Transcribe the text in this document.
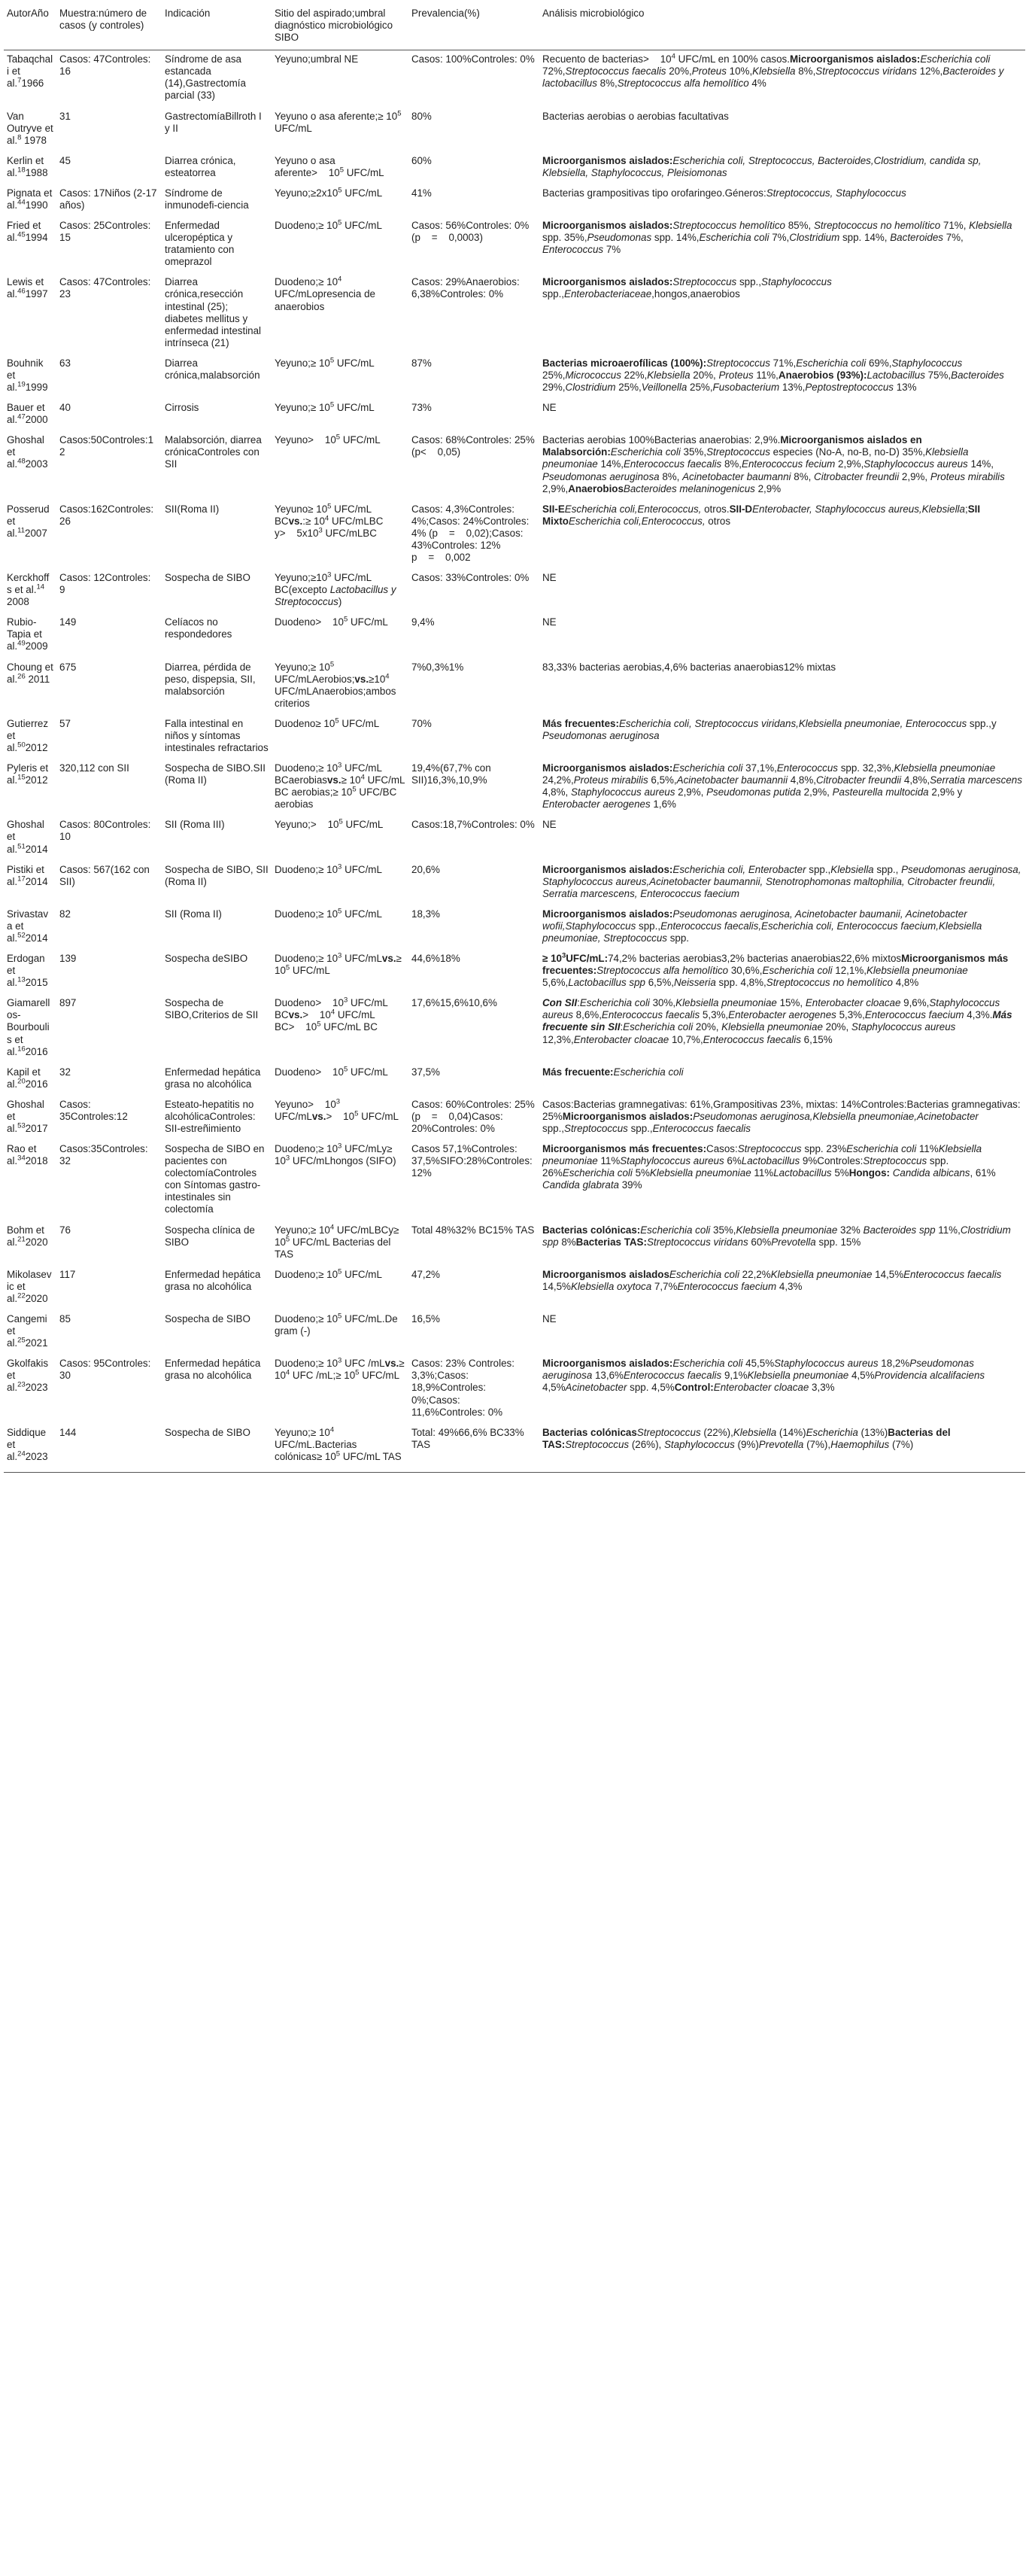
AutorAño	Muestra:número de casos (y controles)	Indicación	Sitio del aspirado;umbral diagnóstico microbiológico SIBO	Prevalencia(%)	Análisis microbiológico
Tabaqchali et al.$^7$1966	Casos: 47Controles: 16	Síndrome de asa estancada (14),Gastrectomía parcial (33)	Yeyuno;umbral NE	Casos: 100%Controles: 0%	Recuento de bacterias>    $10^4$ UFC/mL en 100% casos.Microorganismos aislados:Escherichia coli 72%,Streptococcus faecalis 20%,Proteus 10%,Klebsiella 8%,Streptococcus viridans 12%,Bacteroides y lactobacillus 8%,Streptococcus alfa hemolítico 4%
Van Outryve et al.$^8$ 1978	31	GastrectomíaBillroth I y II	Yeyuno o asa aferente;≥ $10^5$ UFC/mL	80%	Bacterias aerobias o aerobias facultativas
Kerlin et al.$^{18}$1988	45	Diarrea crónica, esteatorrea	Yeyuno o asa aferente>    $10^5$ UFC/mL	60%	Microorganismos aislados:Escherichia coli, Streptococcus, Bacteroides,Clostridium, candida sp, Klebsiella, Staphylococcus, Pleisiomonas
Pignata et al.$^{44}$1990	Casos: 17Niños (2-17 años)	Síndrome de inmunodefi-ciencia	$Yeyuno;\ge 2x10^5$ UFC/mL	41%	Bacterias grampositivas tipo orofaringeo.Géneros:Streptococcus, Staphylococcus
Fried et al.$^{45}$1994	Casos: 25Controles: 15	Enfermedad ulceropéptica y tratamiento con omeprazol	Duodeno;≥ $10^5$ UFC/mL	Casos: 56%Controles: 0%(p    =    0,0003)	Microorganismos aislados:Streptococcus hemolítico 85%, Streptococcus no hemolítico 71%, Klebsiella spp. 35%,Pseudomonas spp. 14%,Escherichia coli 7%,Clostridium spp. 14%, Bacteroides 7%, Enterococcus 7%
Lewis et al.$^{46}$1997	Casos: 47Controles: 23	Diarrea crónica,resección intestinal (25); diabetes mellitus y enfermedad intestinal intrínseca (21)	Duodeno;≥ $10^4$ UFC/mLopresencia de anaerobios	Casos: 29%Anaerobios: 6,38%Controles: 0%	Microorganismos aislados:Streptococcus spp.,Staphylococcus spp.,Enterobacteriaceae,hongos,anaerobios
Bouhnik et al.$^{19}$1999	63	Diarrea crónica,malabsorción	Yeyuno;≥ $10^5$ UFC/mL	87%	Bacterias microaerofílicas (100%):Streptococcus 71%,Escherichia coli 69%,Staphylococcus 25%,Micrococcus 22%,Klebsiella 20%, Proteus 11%,Anaerobios (93%):Lactobacillus 75%,Bacteroides 29%,Clostridium 25%,Veillonella 25%,Fusobacterium 13%,Peptostreptococcus 13%
Bauer et al.$^{47}$2000	40	Cirrosis	Yeyuno;≥ $10^5$ UFC/mL	73%	NE
Ghoshal et al.$^{48}$2003	Casos:50Controles:12	Malabsorción, diarrea crónicaControles con SII	Yeyuno>    $10^5$ UFC/mL	Casos: 68%Controles: 25%(p<    0,05)	Bacterias aerobias 100%Bacterias anaerobias: 2,9%.Microorganismos aislados en Malabsorción:Escherichia coli 35%,Streptococcus especies (No-A, no-B, no-D) 35%,Klebsiella pneumoniae 14%,Enterococcus faecalis 8%,Enterococcus fecium 2,9%,Staphylococcus aureus 14%, Pseudomonas aeruginosa 8%, Acinetobacter baumanni 8%, Citrobacter freundii 2,9%, Proteus mirabilis 2,9%,AnaerobiosBacteroides melaninogenicus 2,9%
Posserud et al.$^{11}$2007	Casos:162Controles: 26	SII(Roma II)	Yeyuno≥ $10^5$ UFC/mL BCvs.:≥ $10^4$ UFC/mLBC y>    $5x10^3$ UFC/mLBC	Casos: 4,3%Controles: 4%;Casos: 24%Controles: 4% (p    =    0,02);Casos: 43%Controles: 12% p    =    0,002	SII-EEscherichia coli,Enterococcus, otros.SII-DEnterobacter, Staphylococcus aureus,Klebsiella;SII MixtoEscherichia coli,Enterococcus, otros
Kerckhoffs et al.$^{14}$ 2008	Casos: 12Controles: 9	Sospecha de SIBO	$Yeyuno;\ge 10^3$ UFC/mL BC(excepto Lactobacillus y Streptococcus)	Casos: 33%Controles: 0%	NE
Rubio-Tapia et al.$^{49}$2009	149	Celíacos no respondedores	Duodeno>    $10^5$ UFC/mL	9,4%	NE
Choung et al.$^{26}$ 2011	675	Diarrea, pérdida de peso, dispepsia, SII, malabsorción	Yeyuno;≥ $10^5$ UFC/$mLAerobios;vs.\ge 10^4$ UFC/mLAnaerobios;ambos criterios	7%0,3%1%	83,33% bacterias aerobias,4,6% bacterias anaerobias12% mixtas
Gutierrez et al.$^{50}$2012	57	Falla intestinal en niños y síntomas intestinales refractarios	Duodeno≥ $10^5$ UFC/mL	70%	Más frecuentes:Escherichia coli, Streptococcus viridans,Klebsiella pneumoniae, Enterococcus spp.,y Pseudomonas aeruginosa
Pyleris et al.$^{15}$2012	320,112 con SII	Sospecha de SIBO.SII (Roma II)	Duodeno;≥ $10^3$ UFC/mL BCaerobiasvs.≥ $10^4$ UFC/mL BC aerobias;≥ $10^5$ UFC/BC aerobias	19,4%(67,7% con SII)16,3%,10,9%	Microorganismos aislados:Escherichia coli 37,1%,Enterococcus spp. 32,3%,Klebsiella pneumoniae 24,2%,Proteus mirabilis 6,5%,Acinetobacter baumannii 4,8%,Citrobacter freundii 4,8%,Serratia marcescens 4,8%, Staphylococcus aureus 2,9%, Pseudomonas putida 2,9%, Pasteurella multocida 2,9% y Enterobacter aerogenes 1,6%
Ghoshal et al.$^{51}$2014	Casos: 80Controles: 10	SII (Roma III)	Yeyuno;>    $10^5$ UFC/mL	Casos:18,7%Controles: 0%	NE
Pistiki et al.$^{17}$2014	Casos: 567(162 con SII)	Sospecha de SIBO, SII (Roma II)	Duodeno;≥ $10^3$ UFC/mL	20,6%	Microorganismos aislados:Escherichia coli, Enterobacter spp.,Klebsiella spp., Pseudomonas aeruginosa, Staphylococcus aureus,Acinetobacter baumannii, Stenotrophomonas maltophilia, Citrobacter freundii, Serratia marcescens, Enterococcus faecium
Srivastava et al.$^{52}$2014	82	SII (Roma II)	Duodeno;≥ $10^5$ UFC/mL	18,3%	Microorganismos aislados:Pseudomonas aeruginosa, Acinetobacter baumanii, Acinetobacter wofii,Staphylococcus spp.,Enterococcus faecalis,Escherichia coli, Enterococcus faecium,Klebsiella pneumoniae, Streptococcus spp.
Erdogan et al.$^{13}$2015	139	Sospecha deSIBO	Duodeno;≥ $10^3$ UFC/mLvs.≥ $10^5$ UFC/mL	44,6%18%	≥ $10^3UFC/mL:74,2\%$ bacterias aerobias3,2% bacterias anaerobias22,6% mixtosMicroorganismos más frecuentes:Streptococcus alfa hemolítico 30,6%,Escherichia coli 12,1%,Klebsiella pneumoniae 5,6%,Lactobacillus spp 6,5%,Neisseria spp. 4,8%,Streptococcus no hemolítico 4,8%
Giamarellos-Bourboulis et al.$^{16}$2016	897	Sospecha de SIBO,Criterios de SII	Duodeno>    $10^3$ UFC/mL BCvs.>    $10^4$ UFC/mL BC>    $10^5$ UFC/mL BC	17,6%15,6%10,6%	Con SII:Escherichia coli 30%,Klebsiella pneumoniae 15%, Enterobacter cloacae 9,6%,Staphylococcus aureus 8,6%,Enterococcus faecalis 5,3%,Enterobacter aerogenes 5,3%,Enterococcus faecium 4,3%.Más frecuente sin SII:Escherichia coli 20%, Klebsiella pneumoniae 20%, Staphylococcus aureus 12,3%,Enterobacter cloacae 10,7%,Enterococcus faecalis 6,15%
Kapil et al.$^{20}$2016	32	Enfermedad hepática grasa no alcohólica	Duodeno>    $10^5$ UFC/mL	37,5%	Más frecuente:Escherichia coli
Ghoshal et al.$^{53}$2017	Casos: 35Controles:12	Esteato-hepatitis no alcohólicaControles: SII-estreñimiento	Yeyuno>    $10^3$ UFC/mLvs.>    $10^5$ UFC/mL	Casos: 60%Controles: 25% (p    =    0,04)Casos: 20%Controles: 0%	Casos:Bacterias gramnegativas: 61%,Grampositivas 23%, mixtas: 14%Controles:Bacterias gramnegativas: 25%Microorganismos aislados:Pseudomonas aeruginosa,Klebsiella pneumoniae,Acinetobacter spp.,Streptococcus spp.,Enterococcus faecalis
Rao et al.$^{34}$2018	Casos:35Controles: 32	Sospecha de SIBO en pacientes con colectomíaControles con Síntomas gastro-intestinales sin colectomía	Duodeno;≥ $10^3$ $UFC/mLy\ge 10^3$ UFC/mLhongos (SIFO)	Casos 57,1%Controles: 37,5%SIFO:28%Controles: 12%	Microorganismos más frecuentes:Casos:Streptococcus spp. 23%Escherichia coli 11%Klebsiella pneumoniae 11%Staphylococcus aureus 6%Lactobacillus 9%Controles:Streptococcus spp. 26%Escherichia coli 5%Klebsiella pneumoniae 11%Lactobacillus 5%Hongos: Candida albicans, 61% Candida glabrata 39%
Bohm et al.$^{21}$2020	76	Sospecha clínica de SIBO	Yeyuno;≥ $10^4$ UFC/mLBCy≥ $10^5$ UFC/mL Bacterias del TAS	Total 48%32% BC15% TAS	Bacterias colónicas:Escherichia coli 35%,Klebsiella pneumoniae 32% Bacteroides spp 11%,Clostridium spp 8%Bacterias TAS:Streptococcus viridans 60%Prevotella spp. 15%
Mikolasevic et al.$^{22}$2020	117	Enfermedad hepática grasa no alcohólica	Duodeno;≥ $10^5$ UFC/mL	47,2%	Microorganismos aisladosEscherichia coli 22,2%Klebsiella pneumoniae 14,5%Enterococcus faecalis 14,5%Klebsiella oxytoca 7,7%Enterococcus faecium 4,3%
Cangemi et al.$^{25}$2021	85	Sospecha de SIBO	Duodeno;≥ $10^5$ UFC/mL.De gram (-)	16,5%	NE
Gkolfakis et al.$^{23}$2023	Casos: 95Controles: 30	Enfermedad hepática grasa no alcohólica	Duodeno;≥ $10^3$ UFC /mLvs.≥ $10^4$ UFC /mL;≥ $10^5$ UFC/mL	Casos: 23% Controles: 3,3%;Casos: 18,9%Controles: 0%;Casos: 11,6%Controles: 0%	Microorganismos aislados:Escherichia coli 45,5%Staphylococcus aureus 18,2%Pseudomonas aeruginosa 13,6%Enterococcus faecalis 9,1%Klebsiella pneumoniae 4,5%Providencia alcalifaciens 4,5%Acinetobacter spp. 4,5%Control:Enterobacter cloacae 3,3%
Siddique et al.$^{24}$2023	144	Sospecha de SIBO	Yeyuno;≥ $10^4$ UFC/mL.Bacterias colónicas≥ $10^5$ UFC/mL TAS	Total: 49%66,6% BC33% TAS	Bacterias colónicasStreptococcus (22%),Klebsiella (14%)Escherichia (13%)Bacterias del TAS:Streptococcus (26%), Staphylococcus (9%)Prevotella (7%),Haemophilus (7%)
